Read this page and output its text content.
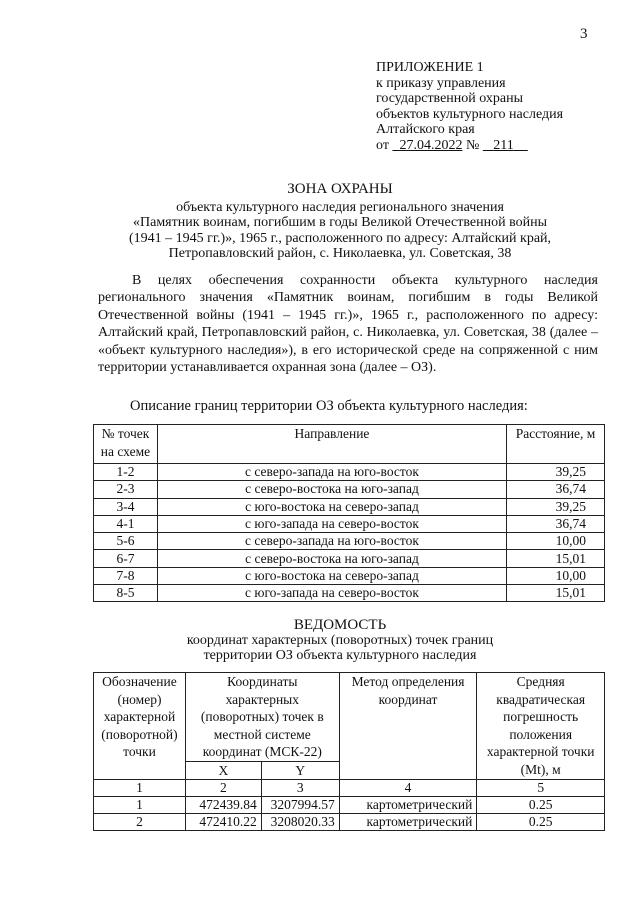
3
ПРИЛОЖЕНИЕ 1
к приказу управления
государственной охраны
объектов культурного наследия
Алтайского края
от 27.04.2022 № 211
ЗОНА ОХРАНЫ
объекта культурного наследия регионального значения
«Памятник воинам, погибшим в годы Великой Отечественной войны
(1941 – 1945 гг.)», 1965 г., расположенного по адресу: Алтайский край,
Петропавловский район, с. Николаевка, ул. Советская, 38
В целях обеспечения сохранности объекта культурного наследия регионального значения «Памятник воинам, погибшим в годы Великой Отечественной войны (1941 – 1945 гг.)», 1965 г., расположенного по адресу: Алтайский край, Петропавловский район, с. Николаевка, ул. Советская, 38 (далее – «объект культурного наследия»), в его исторической среде на сопряженной с ним территории устанавливается охранная зона (далее – ОЗ).
Описание границ территории ОЗ объекта культурного наследия:
№ точек на схеме	Направление	Расстояние, м
1-2	с северо-запада на юго-восток	39,25
2-3	с северо-востока на юго-запад	36,74
3-4	с юго-востока на северо-запад	39,25
4-1	с юго-запада на северо-восток	36,74
5-6	с северо-запада на юго-восток	10,00
6-7	с северо-востока на юго-запад	15,01
7-8	с юго-востока на северо-запад	10,00
8-5	с юго-запада на северо-восток	15,01
ВЕДОМОСТЬ
координат характерных (поворотных) точек границ
территории ОЗ объекта культурного наследия
Обозначение (номер) характерной (поворотной) точки	Координаты характерных (поворотных) точек в местной системе координат (МСК-22)		Метод определения координат	Средняя квадратическая погрешность положения характерной точки (Mt), м
	X	Y		
1	2	3	4	5
1	472439.84	3207994.57	картометрический	0.25
2	472410.22	3208020.33	картометрический	0.25
